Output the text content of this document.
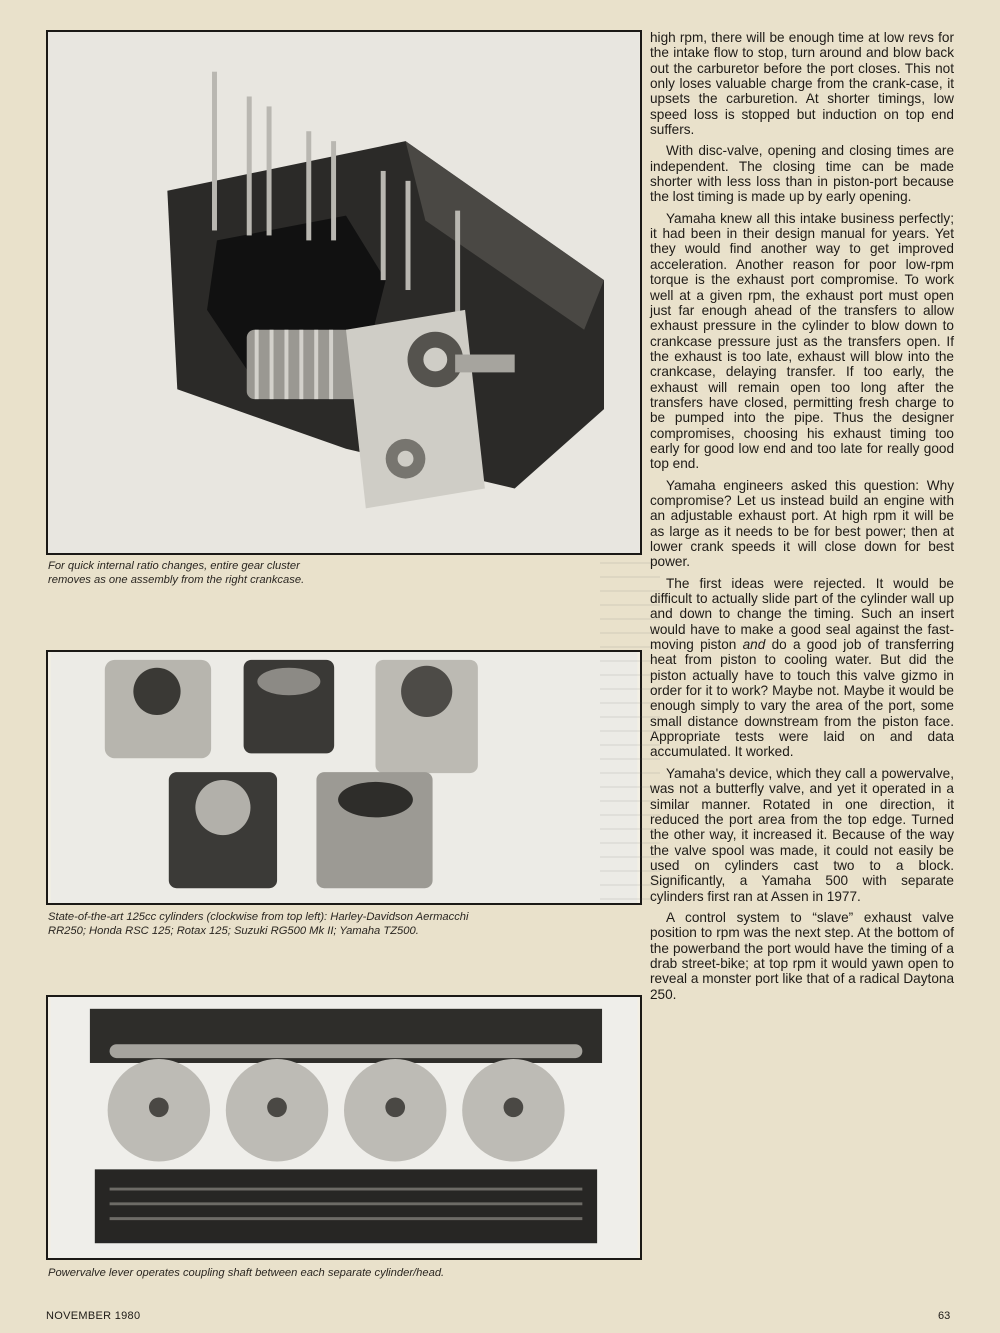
For quick internal ratio changes, entire gear cluster removes as one assembly from the right crankcase.
State-of-the-art 125cc cylinders (clockwise from top left): Harley-Davidson Aermacchi RR250; Honda RSC 125; Rotax 125; Suzuki RG500 Mk II; Yamaha TZ500.
Powervalve lever operates coupling shaft between each separate cylinder/head.

high rpm, there will be enough time at low revs for the intake flow to stop, turn around and blow back out the carburetor before the port closes. This not only loses valuable charge from the crank-case, it upsets the carburetion. At shorter timings, low speed loss is stopped but induction on top end suffers.

With disc-valve, opening and closing times are independent. The closing time can be made shorter with less loss than in piston-port because the lost timing is made up by early opening.

Yamaha knew all this intake business perfectly; it had been in their design manual for years. Yet they would find another way to get improved acceleration. Another reason for poor low-rpm torque is the exhaust port compromise. To work well at a given rpm, the exhaust port must open just far enough ahead of the transfers to allow exhaust pressure in the cylinder to blow down to crankcase pressure just as the transfers open. If the exhaust is too late, exhaust will blow into the crankcase, delaying transfer. If too early, the exhaust will remain open too long after the transfers have closed, permitting fresh charge to be pumped into the pipe. Thus the designer compromises, choosing his exhaust timing too early for good low end and too late for really good top end.

Yamaha engineers asked this question: Why compromise? Let us instead build an engine with an adjustable exhaust port. At high rpm it will be as large as it needs to be for best power; then at lower crank speeds it will close down for best power.

The first ideas were rejected. It would be difficult to actually slide part of the cylinder wall up and down to change the timing. Such an insert would have to make a good seal against the fast-moving piston and do a good job of transferring heat from piston to cooling water. But did the piston actually have to touch this valve gizmo in order for it to work? Maybe not. Maybe it would be enough simply to vary the area of the port, some small distance downstream from the piston face. Appropriate tests were laid on and data accumulated. It worked.

Yamaha's device, which they call a powervalve, was not a butterfly valve, and yet it operated in a similar manner. Rotated in one direction, it reduced the port area from the top edge. Turned the other way, it increased it. Because of the way the valve spool was made, it could not easily be used on cylinders cast two to a block. Significantly, a Yamaha 500 with separate cylinders first ran at Assen in 1977.

A control system to “slave” exhaust valve position to rpm was the next step. At the bottom of the powerband the port would have the timing of a drab street-bike; at top rpm it would yawn open to reveal a monster port like that of a radical Daytona 250.

NOVEMBER 1980	63
